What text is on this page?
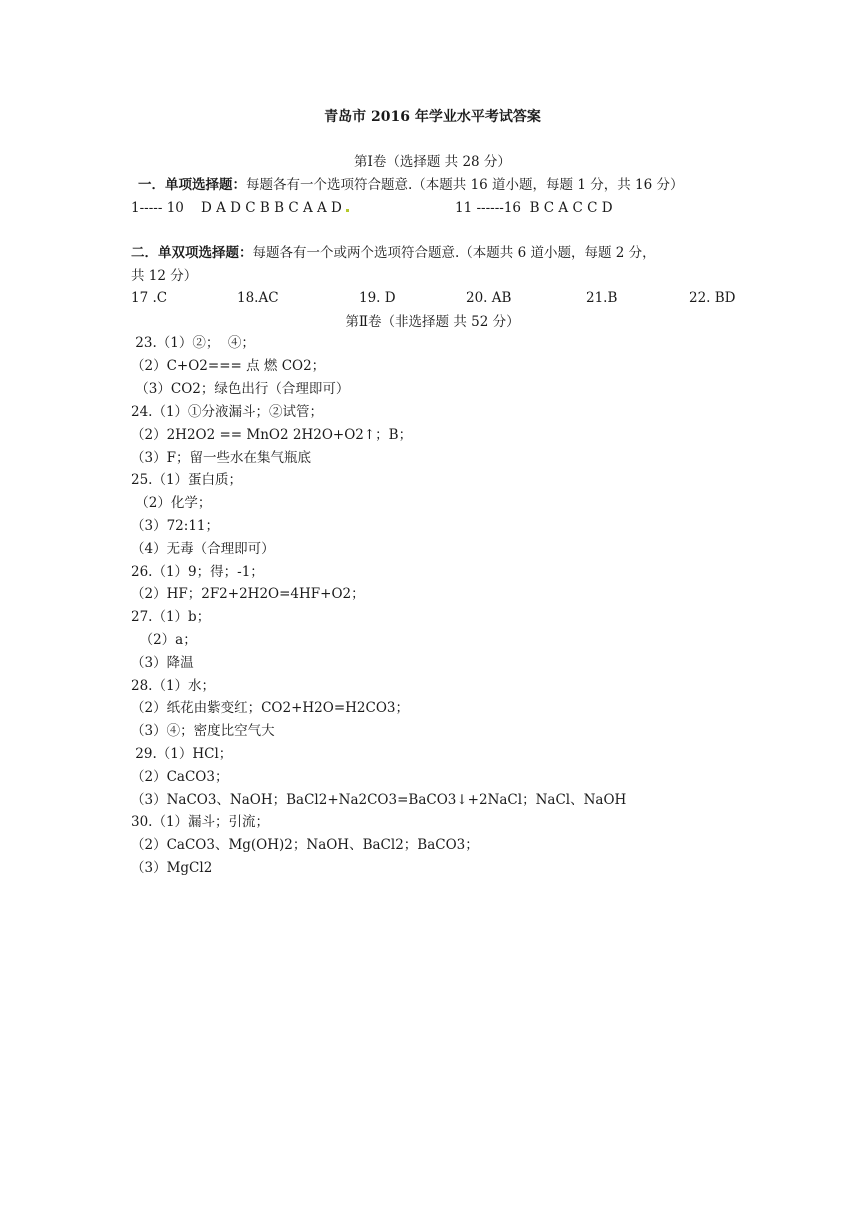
青岛市 2016 年学业水平考试答案
第Ⅰ卷（选择题 共 28 分）
一．单项选择题：每题各有一个选项符合题意.（本题共 16 道小题，每题 1 分，共 16 分）
1----- 10    D A D C B B C A A D	11 ------16  B C A C C D
二．单双项选择题：每题各有一个或两个选项符合题意.（本题共 6 道小题，每题 2 分，
共 12 分）
17 .C	18.AC	19. D	20. AB	21.B	22. BD
第Ⅱ卷（非选择题 共 52 分）
23.（1）②；  ④；
（2）C+O2=== 点 燃 CO2；
（3）CO2；绿色出行（合理即可）
24.（1）①分液漏斗；②试管；
（2）2H2O2 == MnO2 2H2O+O2↑；B；
（3）F；留一些水在集气瓶底
25.（1）蛋白质；
（2）化学；
（3）72:11；
（4）无毒（合理即可）
26.（1）9；得；-1；
（2）HF；2F2+2H2O=4HF+O2；
27.（1）b；
（2）a；
（3）降温
28.（1）水；
（2）纸花由紫变红；CO2+H2O=H2CO3；
（3）④；密度比空气大
29.（1）HCl；
（2）CaCO3；
（3）NaCO3、NaOH；BaCl2+Na2CO3=BaCO3↓+2NaCl；NaCl、NaOH
30.（1）漏斗；引流；
（2）CaCO3、Mg(OH)2；NaOH、BaCl2；BaCO3；
（3）MgCl2
